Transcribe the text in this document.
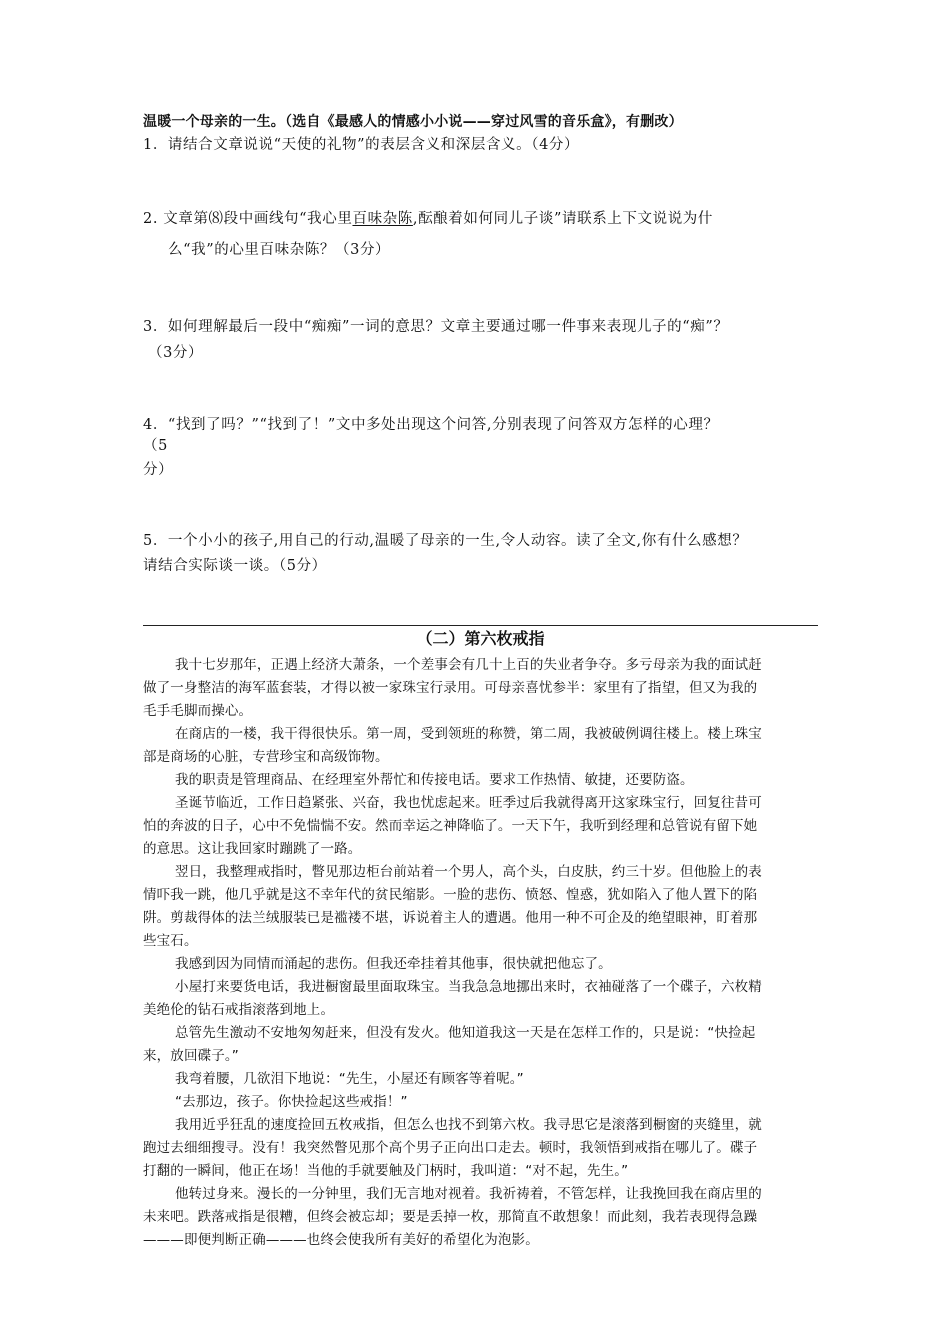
温暖一个母亲的一生。（选自《最感人的情感小小说——穿过风雪的音乐盒》，有删改）
1．请结合文章说说“天使的礼物”的表层含义和深层含义。（4分）
2. 文章第⑻段中画线句“我心里百味杂陈,酝酿着如何同儿子谈”请联系上下文说说为什
么“我”的心里百味杂陈？（3分）
3．如何理解最后一段中“痴痴”一词的意思？文章主要通过哪一件事来表现儿子的“痴”？
（3分）
4．“找到了吗？”“找到了！”文中多处出现这个问答,分别表现了问答双方怎样的心理？
（5
分）
5．一个小小的孩子,用自己的行动,温暖了母亲的一生,令人动容。读了全文,你有什么感想？
请结合实际谈一谈。（5分）
（二）第六枚戒指
我十七岁那年，正遇上经济大萧条，一个差事会有几十上百的失业者争夺。多亏母亲为我的面试赶
做了一身整洁的海军蓝套装，才得以被一家珠宝行录用。可母亲喜忧参半：家里有了指望，但又为我的
毛手毛脚而操心。
在商店的一楼，我干得很快乐。第一周，受到领班的称赞，第二周，我被破例调往楼上。楼上珠宝
部是商场的心脏，专营珍宝和高级饰物。
我的职责是管理商品、在经理室外帮忙和传接电话。要求工作热情、敏捷，还要防盗。
圣诞节临近，工作日趋紧张、兴奋，我也忧虑起来。旺季过后我就得离开这家珠宝行，回复往昔可
怕的奔波的日子，心中不免惴惴不安。然而幸运之神降临了。一天下午，我听到经理和总管说有留下她
的意思。这让我回家时蹦跳了一路。
翌日，我整理戒指时，瞥见那边柜台前站着一个男人，高个头，白皮肤，约三十岁。但他脸上的表
情吓我一跳，他几乎就是这不幸年代的贫民缩影。一脸的悲伤、愤怒、惶惑，犹如陷入了他人置下的陷
阱。剪裁得体的法兰绒服装已是褴褛不堪，诉说着主人的遭遇。他用一种不可企及的绝望眼神，盯着那
些宝石。
我感到因为同情而涌起的悲伤。但我还牵挂着其他事，很快就把他忘了。
小屋打来要货电话，我进橱窗最里面取珠宝。当我急急地挪出来时，衣袖碰落了一个碟子，六枚精
美绝伦的钻石戒指滚落到地上。
总管先生激动不安地匆匆赶来，但没有发火。他知道我这一天是在怎样工作的，只是说：“快捡起
来，放回碟子。”
我弯着腰，几欲泪下地说：“先生，小屋还有顾客等着呢。”
“去那边，孩子。你快捡起这些戒指！”
我用近乎狂乱的速度捡回五枚戒指，但怎么也找不到第六枚。我寻思它是滚落到橱窗的夹缝里，就
跑过去细细搜寻。没有！我突然瞥见那个高个男子正向出口走去。顿时，我领悟到戒指在哪儿了。碟子
打翻的一瞬间，他正在场！当他的手就要触及门柄时，我叫道：“对不起，先生。”
他转过身来。漫长的一分钟里，我们无言地对视着。我祈祷着，不管怎样，让我挽回我在商店里的
未来吧。跌落戒指是很糟，但终会被忘却；要是丢掉一枚，那简直不敢想象！而此刻，我若表现得急躁
———即便判断正确———也终会使我所有美好的希望化为泡影。
